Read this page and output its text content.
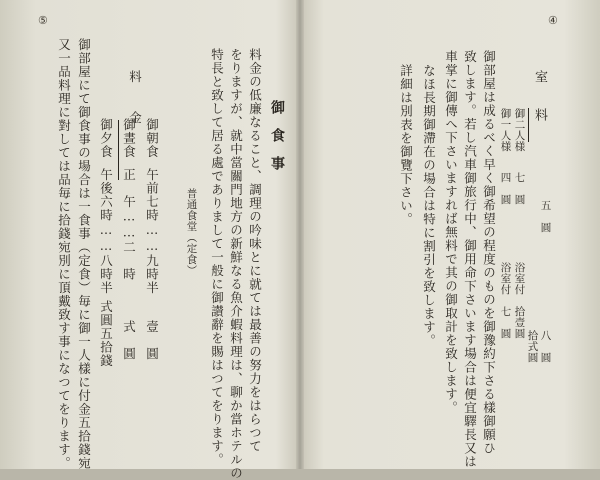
⑤	④
室　料
御二人様
七　圓
浴室付　拾壹圓
御一人様
四　圓
五　圓
浴室付　七　圓
八　圓
拾式圓
御部屋は成るべく早く御希望の程度のものを御豫約下さる樣御願ひ
致します。若し汽車御旅行中、御用命下さいます場合は便宜驛長又は
車掌に御傳へ下さいますれば無料で其の御取計を致します。
なほ長期御滯在の場合は特に割引を致します。
詳細は別表を御覽下さい。
料金の低廉なること、調理の吟味とに就ては最善の努力をはらつて
をりますが、就中當關門地方の新鮮なる魚介蝦料理は、聊か當ホテルの
特長と致して居る處でありまして一般に御讃辭を賜はつてをります。	御食事
普通食堂（定食）
料　金
御朝食
午前七時……九時半
壹　圓
御晝食
正　午……二　時
式　圓
御夕食
午後六時……八時半
式圓五拾錢
御部屋にて御食事の場合は一食事（定食）毎に御一人樣に付金五拾錢宛
又一品料理に對しては品毎に拾錢宛別に頂戴致す事になつてをります。
